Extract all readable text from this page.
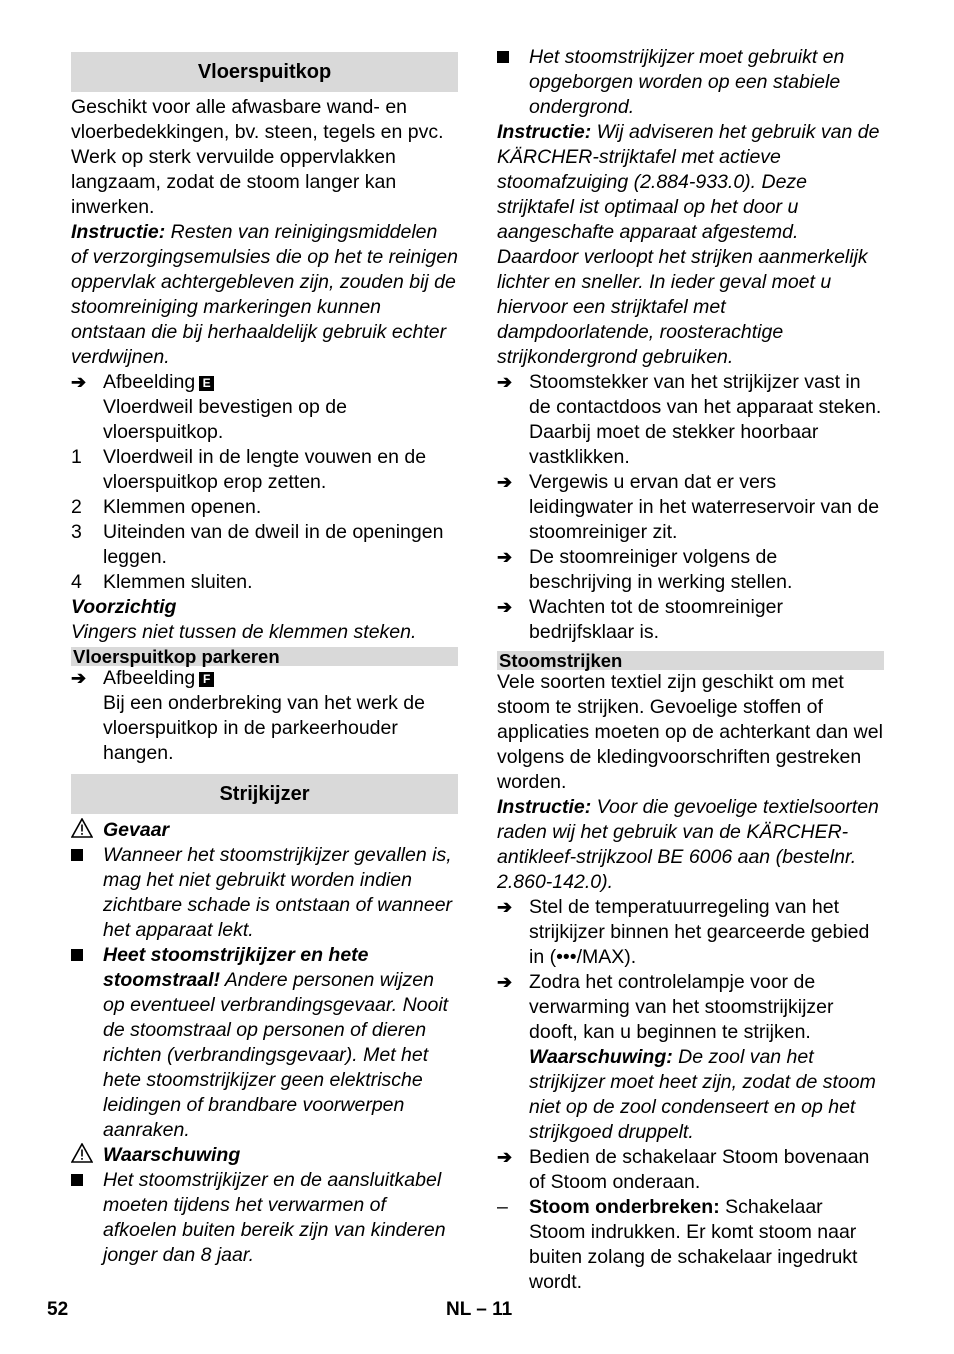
Vloerspuitkop

Geschikt voor alle afwasbare wand- en vloerbedekkingen, bv. steen, tegels en pvc. Werk op sterk vervuilde oppervlakken langzaam, zodat de stoom langer kan inwerken.

Instructie: Resten van reinigingsmiddelen of verzorgingsemulsies die op het te reinigen oppervlak achtergebleven zijn, zouden bij de stoomreiniging markeringen kunnen ontstaan die bij herhaaldelijk gebruik echter verdwijnen.

➔ Afbeelding E
Vloerdweil bevestigen op de vloerspuitkop.
1	Vloerdweil in de lengte vouwen en de vloerspuitkop erop zetten.
2	Klemmen openen.
3	Uiteinden van de dweil in de openingen leggen.
4	Klemmen sluiten.

Voorzichtig

Vingers niet tussen de klemmen steken.

Vloerspuitkop parkeren
➔ Afbeelding F
Bij een onderbreking van het werk de vloerspuitkop in de parkeerhouder hangen.
Strijkijzer
Gevaar
Wanneer het stoomstrijkijzer gevallen is, mag het niet gebruikt worden indien zichtbare schade is ontstaan of wanneer het apparaat lekt.
Heet stoomstrijkijzer en hete stoomstraal! Andere personen wijzen op eventueel verbrandingsgevaar. Nooit de stoomstraal op personen of dieren richten (verbrandingsgevaar). Met het hete stoomstrijkijzer geen elektrische leidingen of brandbare voorwerpen aanraken.
Waarschuwing
Het stoomstrijkijzer en de aansluitkabel moeten tijdens het verwarmen of afkoelen buiten bereik zijn van kinderen jonger dan 8 jaar.
Het stoomstrijkijzer moet gebruikt en opgeborgen worden op een stabiele ondergrond.

Instructie: Wij adviseren het gebruik van de KÄRCHER-strijktafel met actieve stoomafzuiging (2.884-933.0). Deze strijktafel ist optimaal op het door u aangeschafte apparaat afgestemd. Daardoor verloopt het strijken aanmerkelijk lichter en sneller. In ieder geval moet u hiervoor een strijktafel met dampdoorlatende, roosterachtige strijkondergrond gebruiken.

➔ Stoomstekker van het strijkijzer vast in de contactdoos van het apparaat steken. Daarbij moet de stekker hoorbaar vastklikken.
➔ Vergewis u ervan dat er vers leidingwater in het waterreservoir van de stoomreiniger zit.
➔ De stoomreiniger volgens de beschrijving in werking stellen.
➔ Wachten tot de stoomreiniger bedrijfsklaar is.
Stoomstrijken

Vele soorten textiel zijn geschikt om met stoom te strijken. Gevoelige stoffen of applicaties moeten op de achterkant dan wel volgens de kledingvoorschriften gestreken worden.

Instructie: Voor die gevoelige textielsoorten raden wij het gebruik van de KÄRCHER-antikleef-strijkzool BE 6006 aan (bestelnr. 2.860-142.0).

➔ Stel de temperatuurregeling van het strijkijzer binnen het gearceerde gebied in (•••/MAX).
➔ Zodra het controlelampje voor de verwarming van het stoomstrijkijzer dooft, kan u beginnen te strijken.
Waarschuwing: De zool van het strijkijzer moet heet zijn, zodat de stoom niet op de zool condenseert en op het strijkgoed druppelt.
➔ Bedien de schakelaar Stoom bovenaan of Stoom onderaan.
–	Stoom onderbreken: Schakelaar Stoom indrukken. Er komt stoom naar buiten zolang de schakelaar ingedrukt wordt.
52	NL – 11
